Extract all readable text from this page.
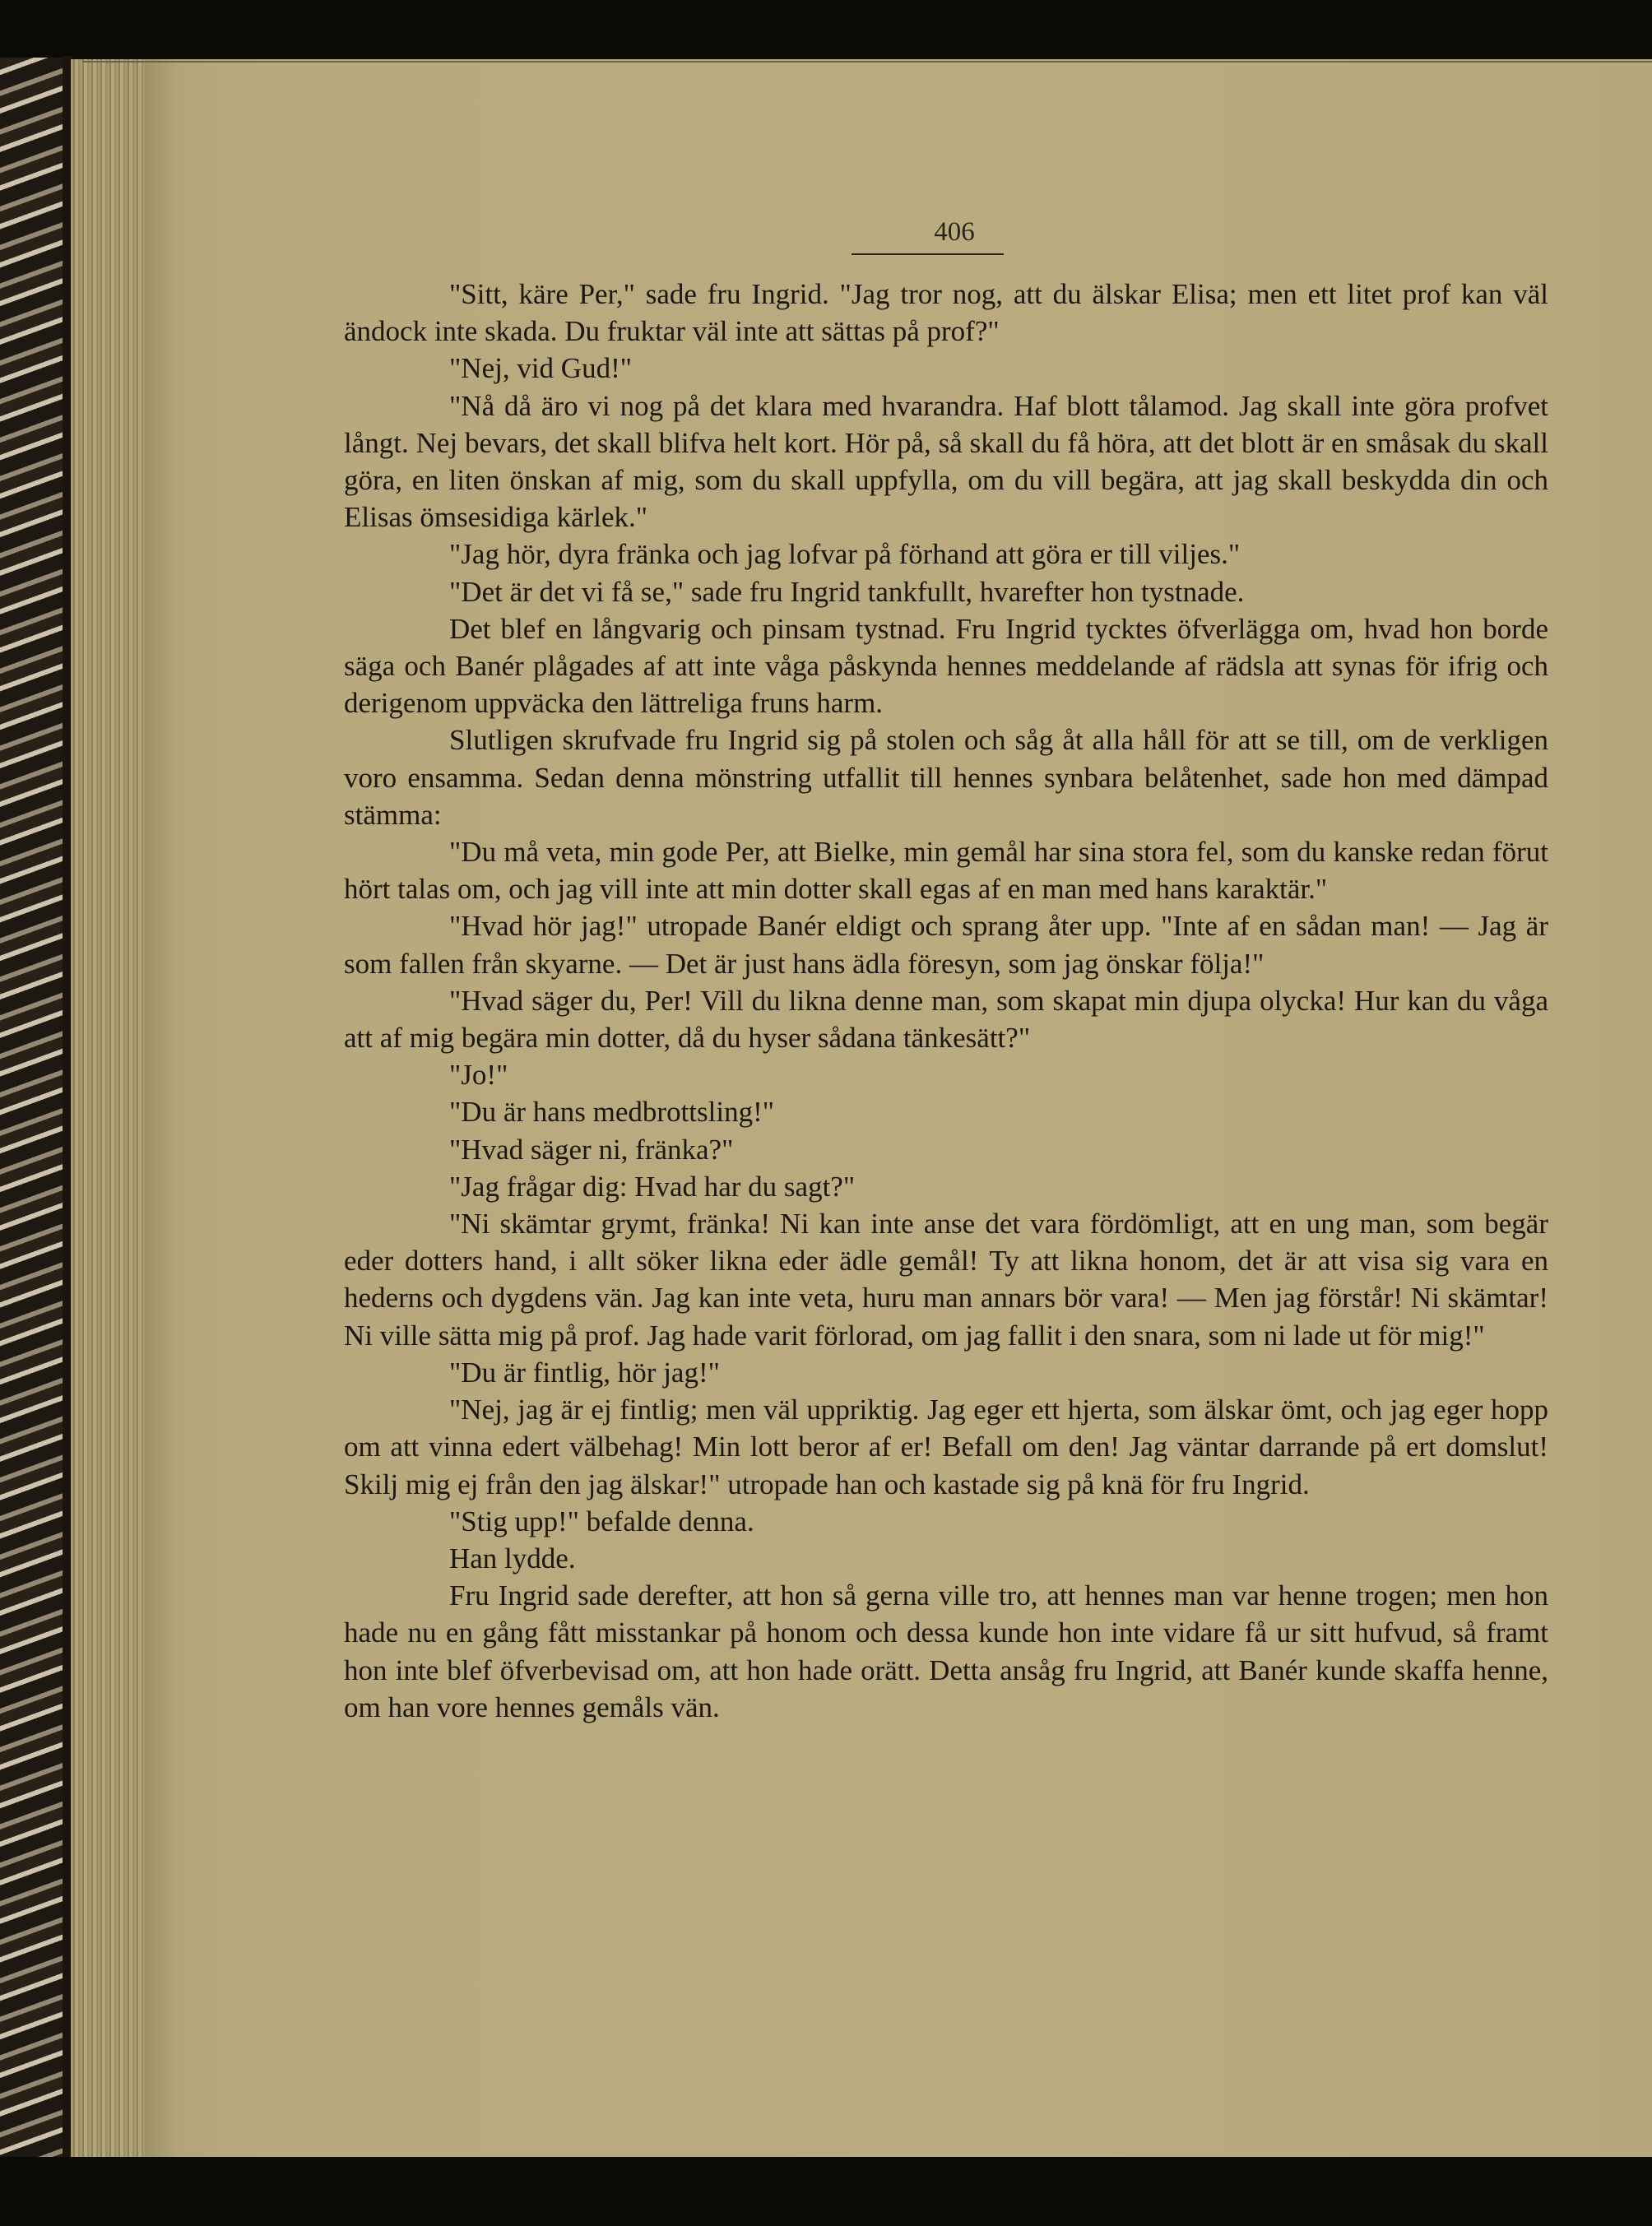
406

"Sitt, käre Per," sade fru Ingrid. "Jag tror nog, att du älskar Elisa; men ett litet prof kan väl ändock inte skada. Du fruktar väl inte att sättas på prof?"

"Nej, vid Gud!"

"Nå då äro vi nog på det klara med hvarandra. Haf blott tålamod. Jag skall inte göra profvet långt. Nej bevars, det skall blifva helt kort. Hör på, så skall du få höra, att det blott är en småsak du skall göra, en liten önskan af mig, som du skall uppfylla, om du vill begära, att jag skall beskydda din och Elisas ömsesidiga kärlek."

"Jag hör, dyra fränka och jag lofvar på förhand att göra er till viljes."

"Det är det vi få se," sade fru Ingrid tankfullt, hvarefter hon tystnade.

Det blef en långvarig och pinsam tystnad. Fru Ingrid tycktes öfverlägga om, hvad hon borde säga och Banér plågades af att inte våga påskynda hennes meddelande af rädsla att synas för ifrig och derigenom uppväcka den lättreliga fruns harm.

Slutligen skrufvade fru Ingrid sig på stolen och såg åt alla håll för att se till, om de verkligen voro ensamma. Sedan denna mönstring utfallit till hennes synbara belåtenhet, sade hon med dämpad stämma:

"Du må veta, min gode Per, att Bielke, min gemål har sina stora fel, som du kanske redan förut hört talas om, och jag vill inte att min dotter skall egas af en man med hans karaktär."

"Hvad hör jag!" utropade Banér eldigt och sprang åter upp. "Inte af en sådan man! — Jag är som fallen från skyarne. — Det är just hans ädla föresyn, som jag önskar följa!"

"Hvad säger du, Per! Vill du likna denne man, som skapat min djupa olycka! Hur kan du våga att af mig begära min dotter, då du hyser sådana tänkesätt?"

"Jo!"

"Du är hans medbrottsling!"

"Hvad säger ni, fränka?"

"Jag frågar dig: Hvad har du sagt?"

"Ni skämtar grymt, fränka! Ni kan inte anse det vara fördömligt, att en ung man, som begär eder dotters hand, i allt söker likna eder ädle gemål! Ty att likna honom, det är att visa sig vara en hederns och dygdens vän. Jag kan inte veta, huru man annars bör vara! — Men jag förstår! Ni skämtar! Ni ville sätta mig på prof. Jag hade varit förlorad, om jag fallit i den snara, som ni lade ut för mig!"

"Du är fintlig, hör jag!"

"Nej, jag är ej fintlig; men väl uppriktig. Jag eger ett hjerta, som älskar ömt, och jag eger hopp om att vinna edert välbehag! Min lott beror af er! Befall om den! Jag väntar darrande på ert domslut! Skilj mig ej från den jag älskar!" utropade han och kastade sig på knä för fru Ingrid.

"Stig upp!" befalde denna.

Han lydde.

Fru Ingrid sade derefter, att hon så gerna ville tro, att hennes man var henne trogen; men hon hade nu en gång fått misstankar på honom och dessa kunde hon inte vidare få ur sitt hufvud, så framt hon inte blef öfverbevisad om, att hon hade orätt. Detta ansåg fru Ingrid, att Banér kunde skaffa henne, om han vore hennes gemåls vän.
